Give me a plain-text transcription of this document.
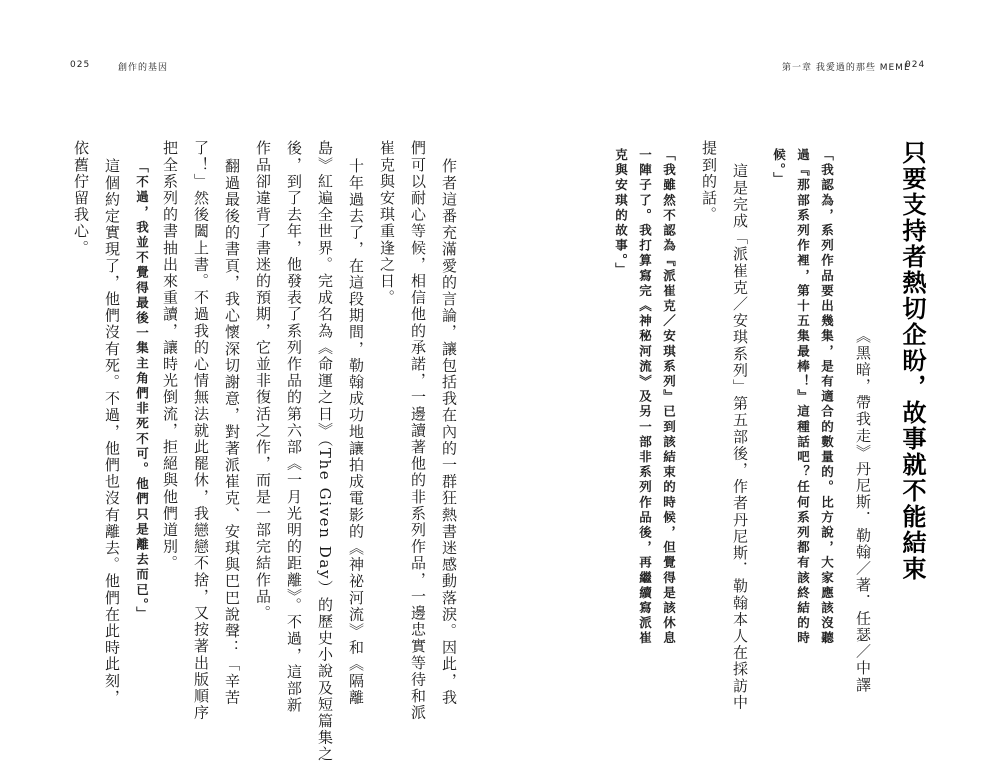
025	創作的基因	第一章 我愛過的那些 MEME
024
只要支持者熱切企盼，故事就不能結束
《黑暗，帶我走》丹尼斯．勒翰／著．任瑟／中譯
「我認為，系列作品要出幾集，是有適合的數量的。比方說，大家應該沒聽
過『那部系列作裡，第十五集最棒！』這種話吧？任何系列都有該終結的時
候。」
這是完成「派崔克／安琪系列」第五部後，作者丹尼斯．勒翰本人在採訪中
提到的話。
「我雖然不認為『派崔克／安琪系列』已到該結束的時候，但覺得是該休息
一陣子了。我打算寫完《神秘河流》及另一部非系列作品後，再繼續寫派崔
克與安琪的故事。」
作者這番充滿愛的言論，讓包括我在內的一群狂熱書迷感動落淚。因此，我
們可以耐心等候，相信他的承諾，一邊讀著他的非系列作品，一邊忠實等待和派
崔克與安琪重逢之日。
十年過去了，在這段期間，勒翰成功地讓拍成電影的《神祕河流》和《隔離
島》紅遍全世界。完成名為《命運之日》（The Given Day）的歷史小說及短篇集之
後，到了去年，他發表了系列作品的第六部《一月光明的距離》。不過，這部新
作品卻違背了書迷的預期，它並非復活之作，而是一部完結作品。
翻過最後的書頁，我心懷深切謝意，對著派崔克、安琪與巴巴說聲：「辛苦
了！」然後闔上書。不過我的心情無法就此罷休，我戀戀不捨，又按著出版順序
把全系列的書抽出來重讀，讓時光倒流，拒絕與他們道別。
「不過，我並不覺得最後一集主角們非死不可。他們只是離去而已。」
這個約定實現了，他們沒有死。不過，他們也沒有離去。他們在此時此刻，
依舊佇留我心。
